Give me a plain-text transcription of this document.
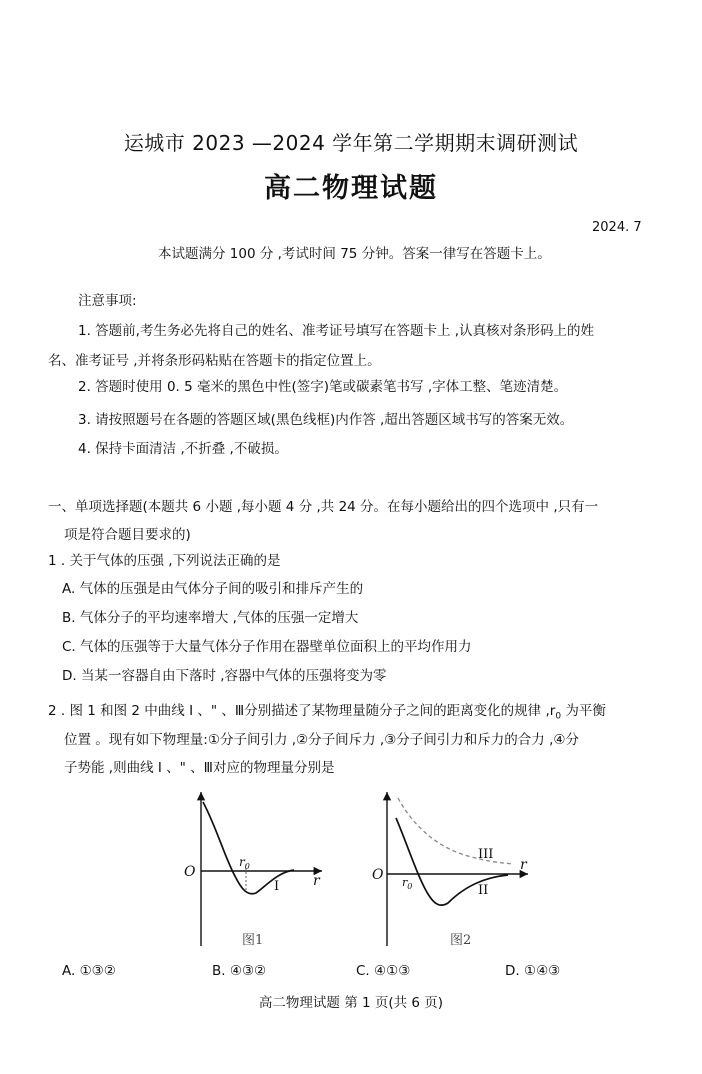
运城市 2023 —2024 学年第二学期期末调研测试
高二物理试题
2024. 7
本试题满分 100 分 ,考试时间 75 分钟。答案一律写在答题卡上。
注意事项:
1. 答题前,考生务必先将自己的姓名、准考证号填写在答题卡上 ,认真核对条形码上的姓
名、准考证号 ,并将条形码粘贴在答题卡的指定位置上。
2. 答题时使用 0. 5 毫米的黑色中性(签字)笔或碳素笔书写 ,字体工整、笔迹清楚。
3. 请按照题号在各题的答题区域(黑色线框)内作答 ,超出答题区域书写的答案无效。
4. 保持卡面清洁 ,不折叠 ,不破损。
一、单项选择题(本题共 6 小题 ,每小题 4 分 ,共 24 分。在每小题给出的四个选项中 ,只有一
项是符合题目要求的)
1 . 关于气体的压强 ,下列说法正确的是
A. 气体的压强是由气体分子间的吸引和排斥产生的
B. 气体分子的平均速率增大 ,气体的压强一定增大
C. 气体的压强等于大量气体分子作用在器壁单位面积上的平均作用力
D. 当某一容器自由下落时 ,容器中气体的压强将变为零
2 . 图 1 和图 2 中曲线 Ⅰ 、" 、Ⅲ分别描述了某物理量随分子之间的距离变化的规律 $,r_0$ 为平衡
位置 。现有如下物理量:①分子间引力 ,②分子间斥力 ,③分子间引力和斥力的合力 ,④分
子势能 ,则曲线 Ⅰ 、" 、Ⅲ对应的物理量分别是
O
r
$r_0$
I
图1
O
r
$r_0$	II
III
图2
A. ①③②	B. ④③②	C. ④①③	D. ①④③
高二物理试题 第 1 页(共 6 页)
